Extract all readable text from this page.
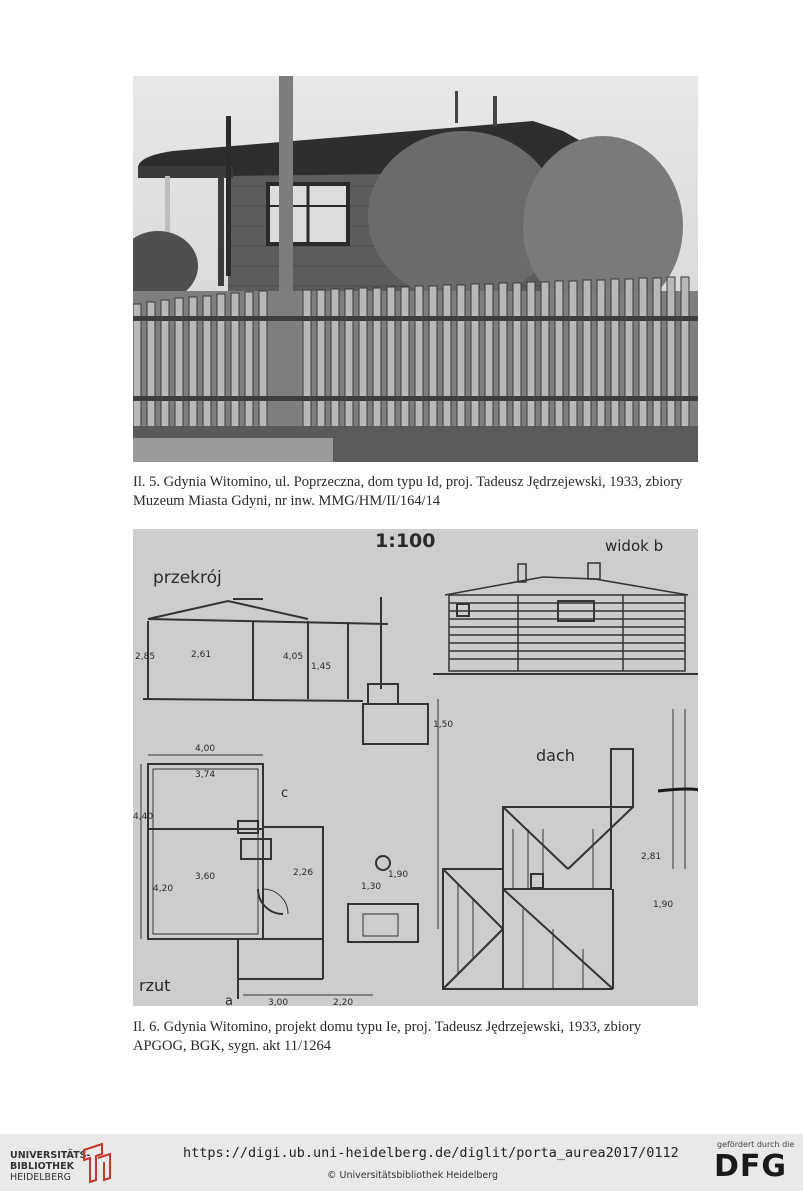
Il. 5. Gdynia Witomino, ul. Poprzeczna, dom typu Id, proj. Tadeusz Jędrzejewski, 1933, zbiory
Muzeum Miasta Gdyni, nr inw. MMG/HM/II/164/14
1:100
przekrój
widok b
dach
rzut
c
a
4,00
3,74
3,60	2,26
3,00	2,20
1,30
1,90
2,61	4,05
1,45
2,85
1,50
2,81
1,90
4,40
4,20
Il. 6. Gdynia Witomino, projekt domu typu Ie, proj. Tadeusz Jędrzejewski, 1933, zbiory
APGOG, BGK, sygn. akt 11/1264
UNIVERSITÄTS-
BIBLIOTHEK
HEIDELBERG
https://digi.ub.uni-heidelberg.de/diglit/porta_aurea2017/0112
© Universitätsbibliothek Heidelberg
gefördert durch die
DFG
